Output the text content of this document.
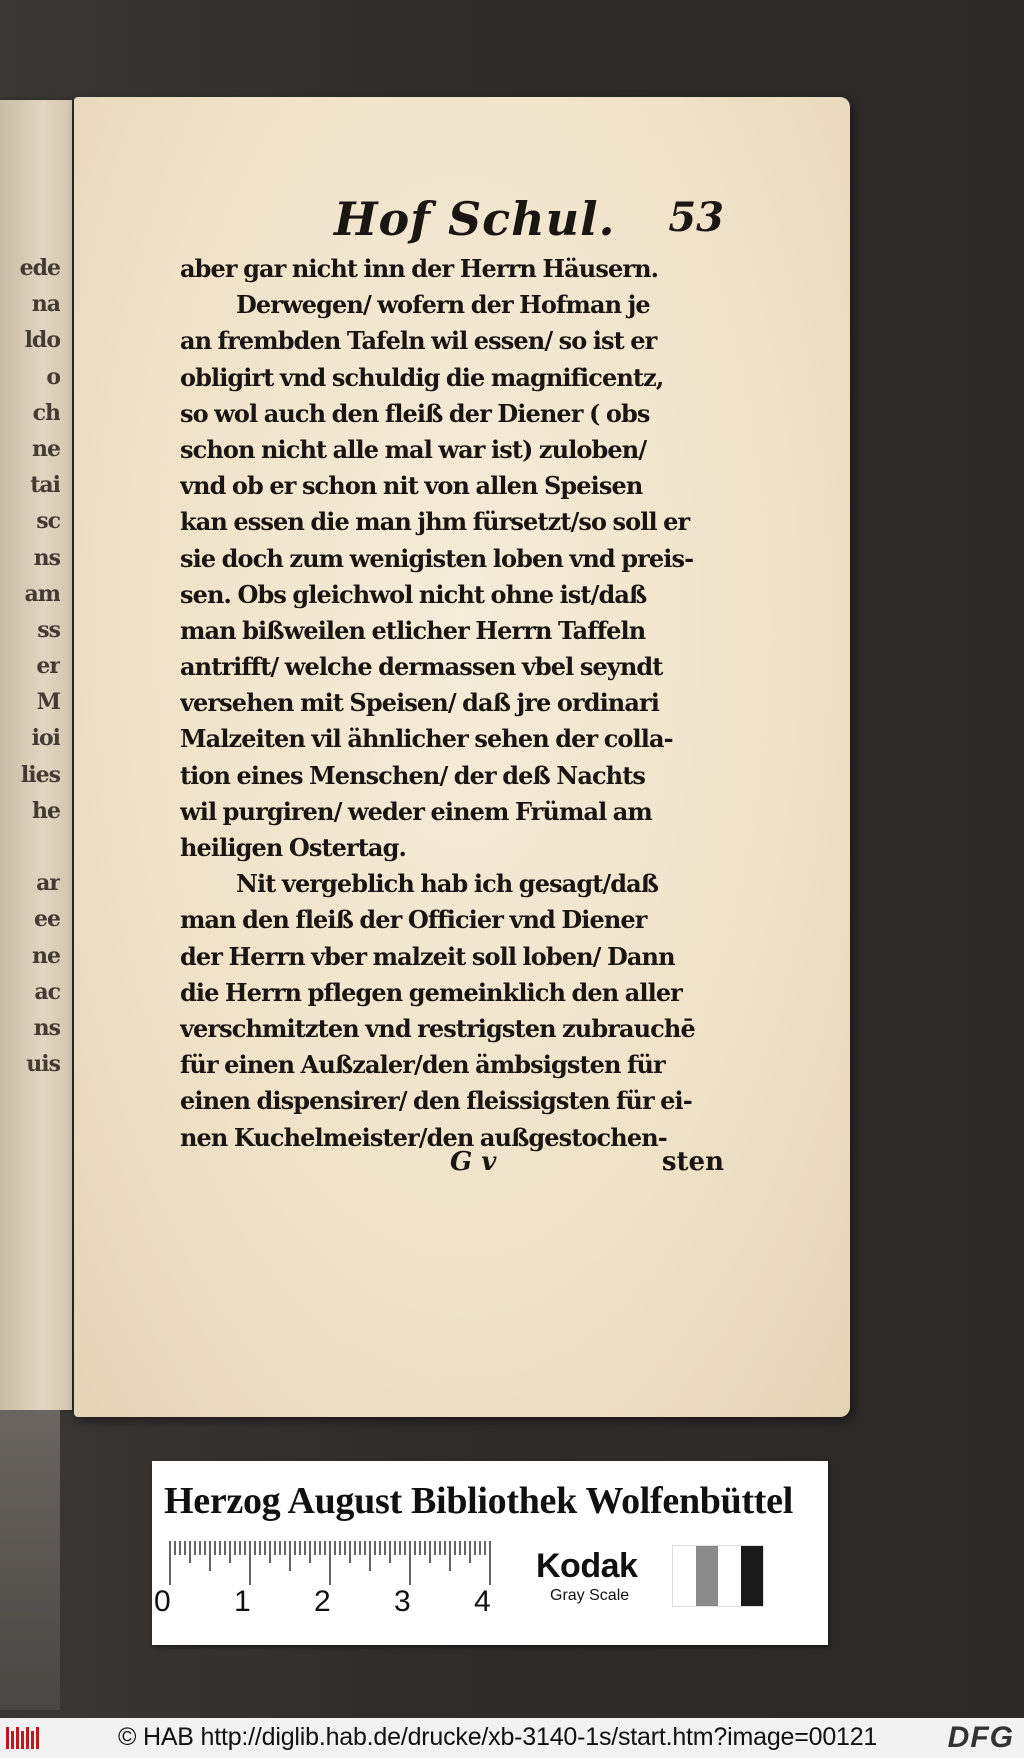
ede
na
ldo
o
ch
ne
tai
sc
ns
am
ss
er
M
ioi
lies
he
ar
ee
ne
ac
ns
uis
Hof Schul. 53
aber gar nicht inn der Herrn Häusern.
Derwegen/ wofern der Hofman je
an frembden Tafeln wil essen/ so ist er
obligirt vnd schuldig die magnificentz,
so wol auch den fleiß der Diener ( obs
schon nicht alle mal war ist) zuloben/
vnd ob er schon nit von allen Speisen
kan essen die man jhm fürsetzt/so soll er
sie doch zum wenigisten loben vnd preis-
sen. Obs gleichwol nicht ohne ist/daß
man bißweilen etlicher Herrn Taffeln
antrifft/ welche dermassen vbel seyndt
versehen mit Speisen/ daß jre ordinari
Malzeiten vil ähnlicher sehen der colla-
tion eines Menschen/ der deß Nachts
wil purgiren/ weder einem Frümal am
heiligen Ostertag.
Nit vergeblich hab ich gesagt/daß
man den fleiß der Officier vnd Diener
der Herrn vber malzeit soll loben/ Dann
die Herrn pflegen gemeinklich den aller
verschmitzten vnd restrigsten zubrauchē
für einen Außzaler/den ämbsigsten für
einen dispensirer/ den fleissigsten für ei-
nen Kuchelmeister/den außgestochen-
G v	sten
Herzog August Bibliothek Wolfenbüttel
0 1 2 3 4
Kodak
Gray Scale
© HAB http://diglib.hab.de/drucke/xb-3140-1s/start.htm?image=00121 DFG
